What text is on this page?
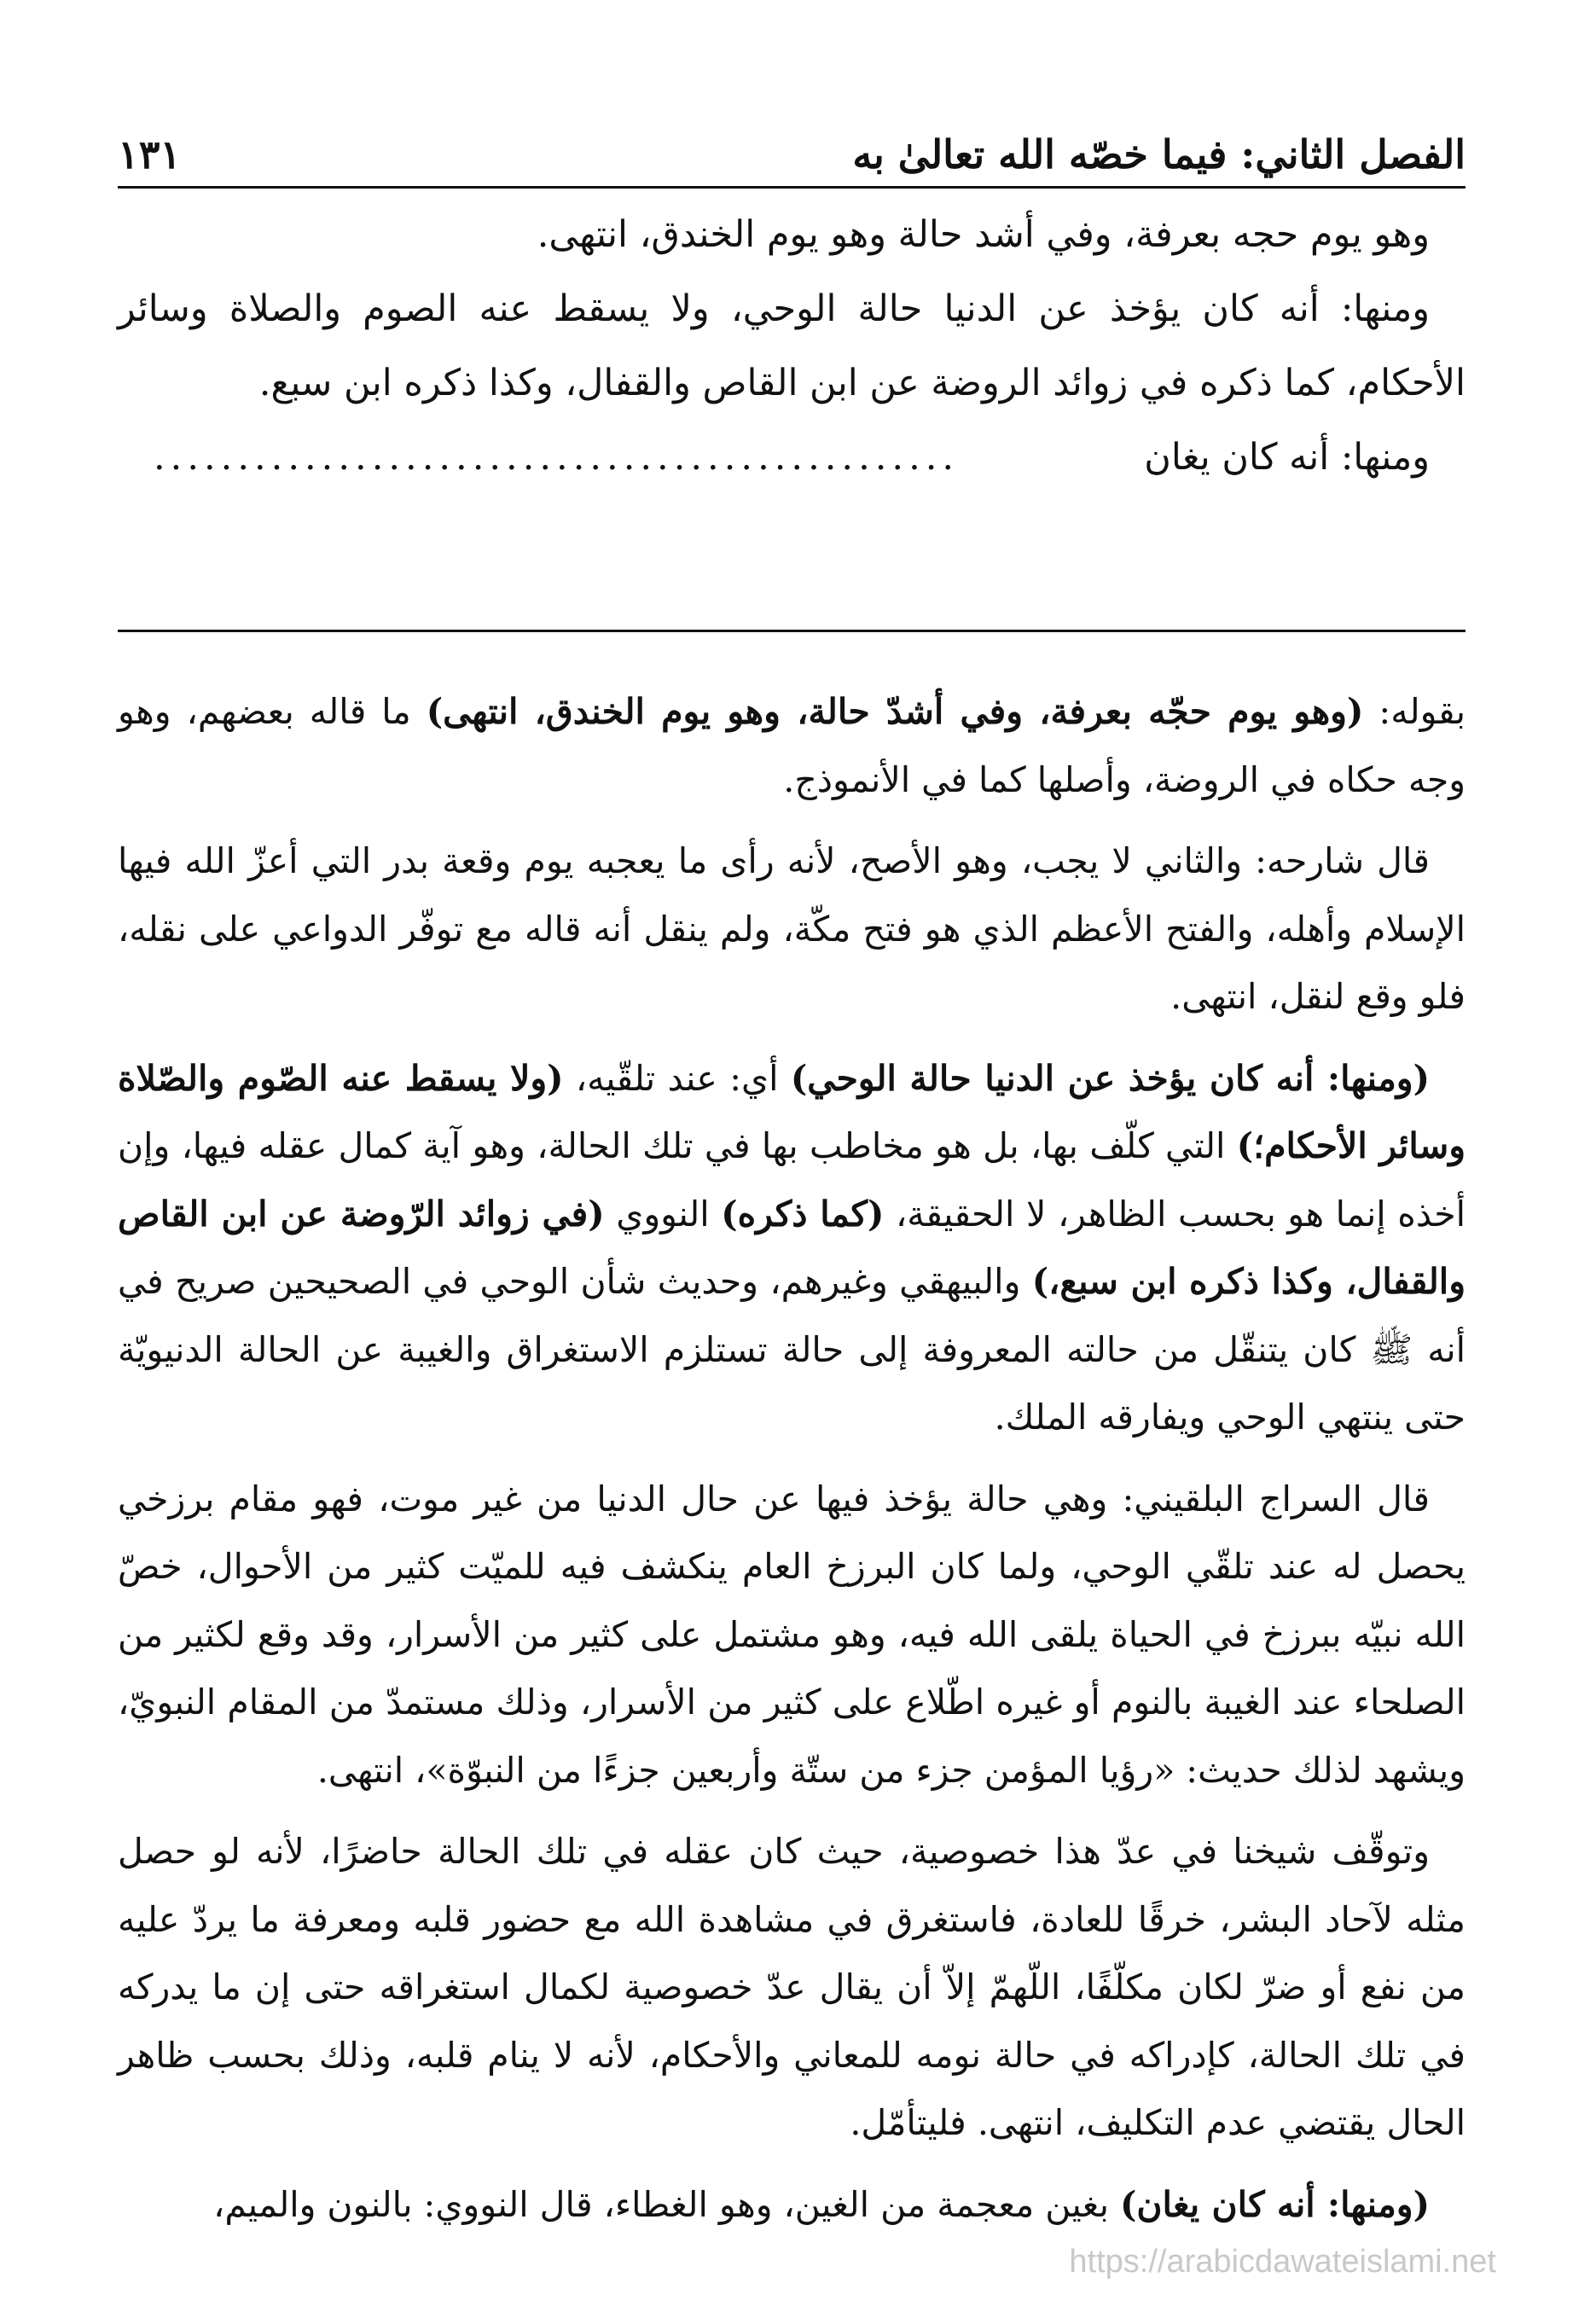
الفصل الثاني: فيما خصّه الله تعالىٰ به
١٣١

وهو يوم حجه بعرفة، وفي أشد حالة وهو يوم الخندق، انتهى.

ومنها: أنه كان يؤخذ عن الدنيا حالة الوحي، ولا يسقط عنه الصوم والصلاة وسائر الأحكام، كما ذكره في زوائد الروضة عن ابن القاص والقفال، وكذا ذكره ابن سبع.

ومنها: أنه كان يغان
................................................

بقوله: (وهو يوم حجّه بعرفة، وفي أشدّ حالة، وهو يوم الخندق، انتهى) ما قاله بعضهم، وهو وجه حكاه في الروضة، وأصلها كما في الأنموذج.

قال شارحه: والثاني لا يجب، وهو الأصح، لأنه رأى ما يعجبه يوم وقعة بدر التي أعزّ الله فيها الإسلام وأهله، والفتح الأعظم الذي هو فتح مكّة، ولم ينقل أنه قاله مع توفّر الدواعي على نقله، فلو وقع لنقل، انتهى.

(ومنها: أنه كان يؤخذ عن الدنيا حالة الوحي) أي: عند تلقّيه، (ولا يسقط عنه الصّوم والصّلاة وسائر الأحكام؛) التي كلّف بها، بل هو مخاطب بها في تلك الحالة، وهو آية كمال عقله فيها، وإن أخذه إنما هو بحسب الظاهر، لا الحقيقة، (كما ذكره) النووي (في زوائد الرّوضة عن ابن القاص والقفال، وكذا ذكره ابن سبع،) والبيهقي وغيرهم، وحديث شأن الوحي في الصحيحين صريح في أنه ﷺ كان يتنقّل من حالته المعروفة إلى حالة تستلزم الاستغراق والغيبة عن الحالة الدنيويّة حتى ينتهي الوحي ويفارقه الملك.

قال السراج البلقيني: وهي حالة يؤخذ فيها عن حال الدنيا من غير موت، فهو مقام برزخي يحصل له عند تلقّي الوحي، ولما كان البرزخ العام ينكشف فيه للميّت كثير من الأحوال، خصّ الله نبيّه ببرزخ في الحياة يلقى الله فيه، وهو مشتمل على كثير من الأسرار، وقد وقع لكثير من الصلحاء عند الغيبة بالنوم أو غيره اطّلاع على كثير من الأسرار، وذلك مستمدّ من المقام النبويّ، ويشهد لذلك حديث: «رؤيا المؤمن جزء من ستّة وأربعين جزءًا من النبوّة»، انتهى.

وتوقّف شيخنا في عدّ هذا خصوصية، حيث كان عقله في تلك الحالة حاضرًا، لأنه لو حصل مثله لآحاد البشر، خرقًا للعادة، فاستغرق في مشاهدة الله مع حضور قلبه ومعرفة ما يردّ عليه من نفع أو ضرّ لكان مكلّفًا، اللّهمّ إلاّ أن يقال عدّ خصوصية لكمال استغراقه حتى إن ما يدركه في تلك الحالة، كإدراكه في حالة نومه للمعاني والأحكام، لأنه لا ينام قلبه، وذلك بحسب ظاهر الحال يقتضي عدم التكليف، انتهى. فليتأمّل.

(ومنها: أنه كان يغان) بغين معجمة من الغين، وهو الغطاء، قال النووي: بالنون والميم،

https://arabicdawateislami.net
